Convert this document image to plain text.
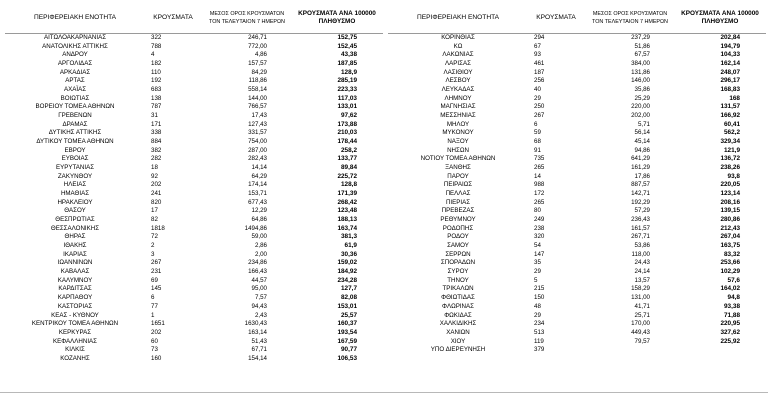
ΠΕΡΙΦΕΡΕΙΑΚΗ ΕΝΟΤΗΤΑ	ΚΡΟΥΣΜΑΤΑ	ΜΕΣΟΣ ΟΡΟΣ ΚΡΟΥΣΜΑΤΩΝ
ΤΟΝ ΤΕΛΕΥΤΑΙΟΝ 7 ΗΜΕΡΩΝ
ΚΡΟΥΣΜΑΤΑ ΑΝΑ 100000
ΠΛΗΘΥΣΜΟ
ΑΙΤΩΛΟΑΚΑΡΝΑΝΙΑΣ	322	246,71	152,75
ΑΝΑΤΟΛΙΚΗΣ ΑΤΤΙΚΗΣ	788	772,00	152,45
ΑΝΔΡΟΥ	4	4,86	43,38
ΑΡΓΟΛΙΔΑΣ	182	157,57	187,85
ΑΡΚΑΔΙΑΣ	110	84,29	128,9
ΑΡΤΑΣ	192	118,86	285,19
ΑΧΑΪΑΣ	683	558,14	223,33
ΒΟΙΩΤΙΑΣ	138	144,00	117,03
ΒΟΡΕΙΟΥ ΤΟΜΕΑ ΑΘΗΝΩΝ	787	766,57	133,01
ΓΡΕΒΕΝΩΝ	31	17,43	97,62
ΔΡΑΜΑΣ	171	127,43	173,88
ΔΥΤΙΚΗΣ ΑΤΤΙΚΗΣ	338	331,57	210,03
ΔΥΤΙΚΟΥ ΤΟΜΕΑ ΑΘΗΝΩΝ	884	754,00	178,44
ΕΒΡΟΥ	382	287,00	258,2
ΕΥΒΟΙΑΣ	282	282,43	133,77
ΕΥΡΥΤΑΝΙΑΣ	18	14,14	89,84
ΖΑΚΥΝΘΟΥ	92	64,29	225,72
ΗΛΕΙΑΣ	202	174,14	128,8
ΗΜΑΘΙΑΣ	241	153,71	171,39
ΗΡΑΚΛΕΙΟΥ	820	677,43	268,42
ΘΑΣΟΥ	17	12,29	123,48
ΘΕΣΠΡΩΤΙΑΣ	82	64,86	188,13
ΘΕΣΣΑΛΟΝΙΚΗΣ	1818	1494,86	163,74
ΘΗΡΑΣ	72	59,00	381,3
ΙΘΑΚΗΣ	2	2,86	61,9
ΙΚΑΡΙΑΣ	3	2,00	30,36
ΙΩΑΝΝΙΝΩΝ	267	234,86	159,02
ΚΑΒΑΛΑΣ	231	166,43	184,92
ΚΑΛΥΜΝΟΥ	69	44,57	234,28
ΚΑΡΔΙΤΣΑΣ	145	95,00	127,7
ΚΑΡΠΑΘΟΥ	6	7,57	82,08
ΚΑΣΤΟΡΙΑΣ	77	94,43	153,01
ΚΕΑΣ - ΚΥΘΝΟΥ	1	2,43	25,57
ΚΕΝΤΡΙΚΟΥ ΤΟΜΕΑ ΑΘΗΝΩΝ	1651	1630,43	160,37
ΚΕΡΚΥΡΑΣ	202	163,14	193,54
ΚΕΦΑΛΛΗΝΙΑΣ	60	51,43	167,59
ΚΙΛΚΙΣ	73	67,71	90,77
ΚΟΖΑΝΗΣ	160	154,14	106,53
ΠΕΡΙΦΕΡΕΙΑΚΗ ΕΝΟΤΗΤΑ	ΚΡΟΥΣΜΑΤΑ	ΜΕΣΟΣ ΟΡΟΣ ΚΡΟΥΣΜΑΤΩΝ
ΤΟΝ ΤΕΛΕΥΤΑΙΟΝ 7 ΗΜΕΡΩΝ
ΚΡΟΥΣΜΑΤΑ ΑΝΑ 100000
ΠΛΗΘΥΣΜΟ
ΚΟΡΙΝΘΙΑΣ	294	237,29	202,84
ΚΩ	67	51,86	194,79
ΛΑΚΩΝΙΑΣ	93	67,57	104,33
ΛΑΡΙΣΑΣ	461	384,00	162,14
ΛΑΣΙΘΙΟΥ	187	131,86	248,07
ΛΕΣΒΟΥ	256	146,00	296,17
ΛΕΥΚΑΔΑΣ	40	35,86	168,83
ΛΗΜΝΟΥ	29	25,29	168
ΜΑΓΝΗΣΙΑΣ	250	220,00	131,57
ΜΕΣΣΗΝΙΑΣ	267	202,00	166,92
ΜΗΛΟΥ	6	5,71	60,41
ΜΥΚΟΝΟΥ	59	56,14	562,2
ΝΑΞΟΥ	68	45,14	329,34
ΝΗΣΩΝ	91	94,86	121,9
ΝΟΤΙΟΥ ΤΟΜΕΑ ΑΘΗΝΩΝ	735	641,29	136,72
ΞΑΝΘΗΣ	265	161,29	238,26
ΠΑΡΟΥ	14	17,86	93,8
ΠΕΙΡΑΙΩΣ	988	887,57	220,05
ΠΕΛΛΑΣ	172	142,71	123,14
ΠΙΕΡΙΑΣ	265	192,29	208,16
ΠΡΕΒΕΖΑΣ	80	57,29	139,15
ΡΕΘΥΜΝΟΥ	249	236,43	280,86
ΡΟΔΟΠΗΣ	238	161,57	212,43
ΡΟΔΟΥ	320	267,71	267,04
ΣΑΜΟΥ	54	53,86	163,75
ΣΕΡΡΩΝ	147	118,00	83,32
ΣΠΟΡΑΔΩΝ	35	24,43	253,66
ΣΥΡΟΥ	29	24,14	102,29
ΤΗΝΟΥ	5	13,57	57,6
ΤΡΙΚΑΛΩΝ	215	158,29	164,02
ΦΘΙΩΤΙΔΑΣ	150	131,00	94,8
ΦΛΩΡΙΝΑΣ	48	41,71	93,38
ΦΩΚΙΔΑΣ	29	25,71	71,88
ΧΑΛΚΙΔΙΚΗΣ	234	170,00	220,95
ΧΑΝΙΩΝ	513	449,43	327,62
ΧΙΟΥ	119	79,57	225,92
ΥΠΟ ΔΙΕΡΕΥΝΗΣΗ	379
